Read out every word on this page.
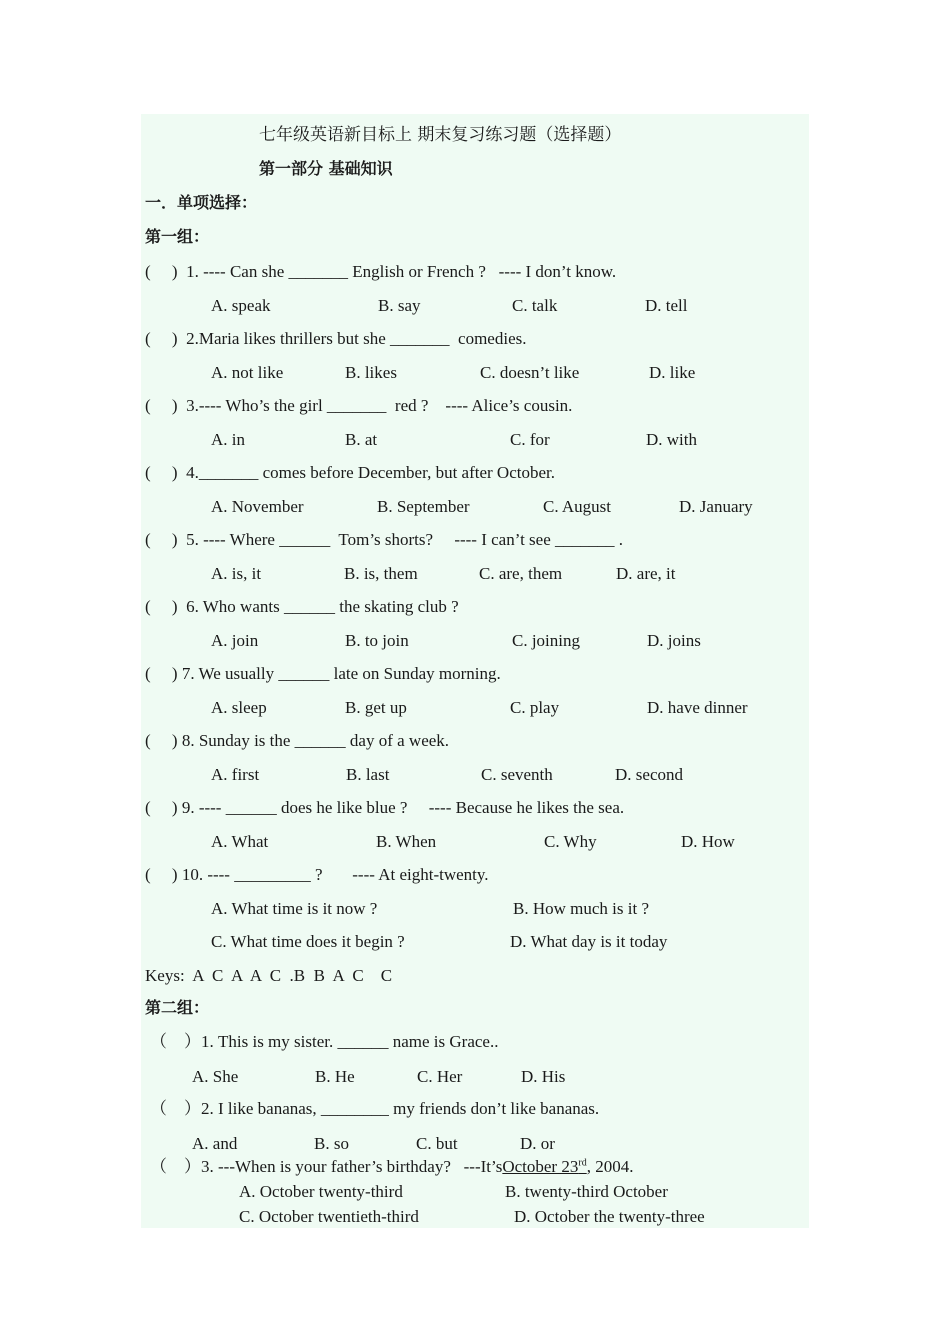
七年级英语新目标上 期末复习练习题（选择题）
第一部分 基础知识
一．单项选择：
第一组：
(     )  1. ---- Can she _______ English or French ?   ---- I don’t know.
A. speak	B. say	C. talk	D. tell
(     )  2.Maria likes thrillers but she _______  comedies.
A. not like	B. likes	C. doesn’t like	D. like
(     )  3.---- Who’s the girl _______  red ?    ---- Alice’s cousin.
A. in	B. at	C. for	D. with
(     )  4._______ comes before December, but after October.
A. November	B. September	C. August	D. January
(     )  5. ---- Where ______  Tom’s shorts?     ---- I can’t see _______ .
A. is, it	B. is, them	C. are, them	D. are, it
(     )  6. Who wants ______ the skating club ?
A. join	B. to join	C. joining	D. joins
(     ) 7. We usually ______ late on Sunday morning.
A. sleep	B. get up	C. play	D. have dinner
(     ) 8. Sunday is the ______ day of a week.
A. first	B. last	C. seventh	D. second
(     ) 9. ---- ______ does he like blue ?     ---- Because he likes the sea.
A. What	B. When	C. Why	D. How
(     ) 10. ---- _________ ?       ---- At eight-twenty.
A. What time is it now ?	B. How much is it ?
C. What time does it begin ?	D. What day is it today
Keys:  A  C  A  A  C  .B  B  A  C    C
第二组：
（    ）1. This is my sister. ______ name is Grace..
A. She	B. He	C. Her	D. His
（    ）2. I like bananas, ________ my friends don’t like bananas.
A. and	B. so	C. but	D. or
（    ）3. ---When is your father’s birthday?   ---It’sOctober 23rd, 2004.
A. October twenty-third	B. twenty-third October
C. October twentieth-third	D. October the twenty-three
